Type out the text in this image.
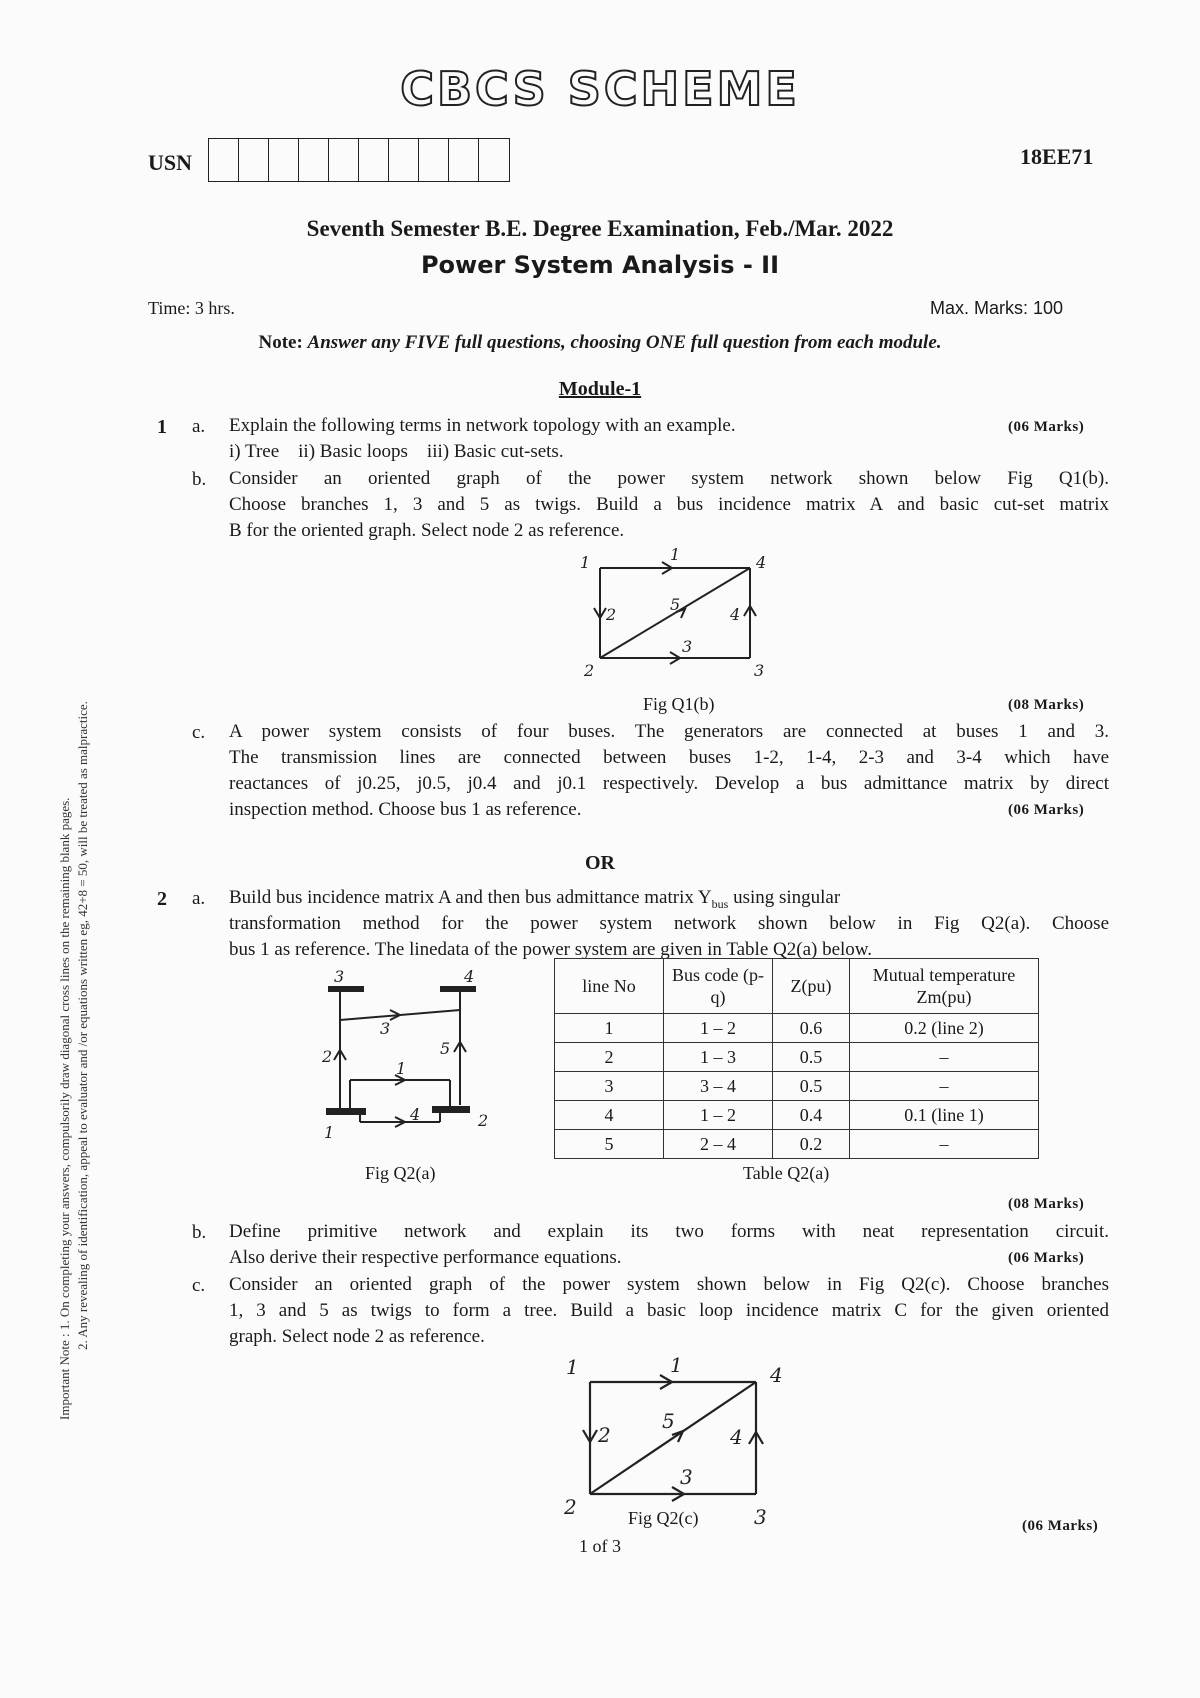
CBCS SCHEME
USN	18EE71
Seventh Semester B.E. Degree Examination, Feb./Mar. 2022
Power System Analysis - II
Time: 3 hrs.	Max. Marks: 100
Note: Answer any FIVE full questions, choosing ONE full question from each module.
Important Note : 1. On completing your answers, compulsorily draw diagonal cross lines on the remaining blank pages. 2. Any revealing of identification, appeal to evaluator and /or equations written eg, 42+8 = 50, will be treated as malpractice.
Module-1
1 a. Explain the following terms in network topology with an example.	(06 Marks)
i) Tree    ii) Basic loops    iii) Basic cut-sets.
b. Consider an oriented graph of the power system network shown below Fig Q1(b).
Choose branches 1, 3 and 5 as twigs. Build a bus incidence matrix A and basic cut-set matrix
B for the oriented graph. Select node 2 as reference.
1
2	3
4
1
2
3
4
5
Fig Q1(b)	(08 Marks)
c. A power system consists of four buses. The generators are connected at buses 1 and 3.
The transmission lines are connected between buses 1-2, 1-4, 2-3 and 3-4 which have
reactances of j0.25, j0.5, j0.4 and j0.1 respectively. Develop a bus admittance matrix by direct
inspection method. Choose bus 1 as reference.	(06 Marks)
OR
2 a. Build bus incidence matrix A and then bus admittance matrix $Y_{bus}$ using singular
transformation method for the power system network shown below in Fig Q2(a). Choose
bus 1 as reference. The linedata of the power system are given in Table Q2(a) below.
3	4
1
2
3
2	5
1
4
Fig Q2(a)
line No	Bus code (p-q)	Z(pu)	Mutual temperature Zm(pu)
1	1 – 2	0.6	0.2 (line 2)
2	1 – 3	0.5	–
3	3 – 4	0.5	–
4	1 – 2	0.4	0.1 (line 1)
5	2 – 4	0.2	–
Table Q2(a)
(08 Marks)
b. Define primitive network and explain its two forms with neat representation circuit.
Also derive their respective performance equations.	(06 Marks)
c. Consider an oriented graph of the power system shown below in Fig Q2(c). Choose branches
1, 3 and 5 as twigs to form a tree. Build a basic loop incidence matrix C for the given oriented
graph. Select node 2 as reference.
1
2	3
4
1
2
3
4
5
Fig Q2(c)	(06 Marks)
1 of 3
